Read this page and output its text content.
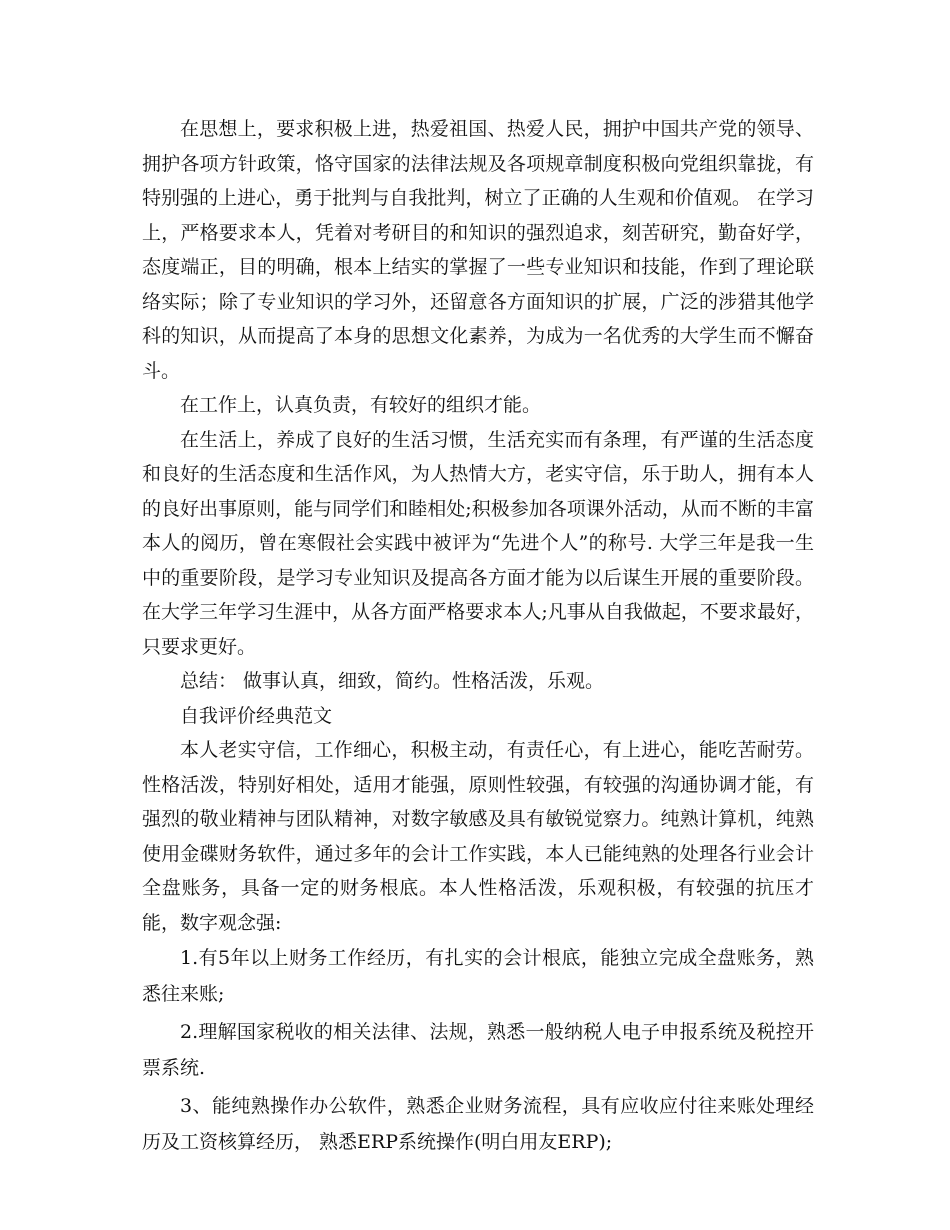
在思想上，要求积极上进，热爱祖国、热爱人民，拥护中国共产党的领导、拥护各项方针政策，恪守国家的法律法规及各项规章制度积极向党组织靠拢，有特别强的上进心，勇于批判与自我批判，树立了正确的人生观和价值观。 在学习上，严格要求本人，凭着对考研目的和知识的强烈追求，刻苦研究，勤奋好学，态度端正，目的明确，根本上结实的掌握了一些专业知识和技能，作到了理论联络实际；除了专业知识的学习外，还留意各方面知识的扩展，广泛的涉猎其他学科的知识，从而提高了本身的思想文化素养，为成为一名优秀的大学生而不懈奋斗。

在工作上，认真负责，有较好的组织才能。

在生活上，养成了良好的生活习惯，生活充实而有条理，有严谨的生活态度和良好的生活态度和生活作风，为人热情大方，老实守信，乐于助人，拥有本人的良好出事原则，能与同学们和睦相处;积极参加各项课外活动，从而不断的丰富本人的阅历，曾在寒假社会实践中被评为“先进个人”的称号. 大学三年是我一生中的重要阶段，是学习专业知识及提高各方面才能为以后谋生开展的重要阶段。在大学三年学习生涯中，从各方面严格要求本人;凡事从自我做起，不要求最好，只要求更好。

总结： 做事认真，细致，简约。性格活泼，乐观。

自我评价经典范文

本人老实守信，工作细心，积极主动，有责任心，有上进心，能吃苦耐劳。性格活泼，特别好相处，适用才能强，原则性较强，有较强的沟通协调才能，有强烈的敬业精神与团队精神，对数字敏感及具有敏锐觉察力。纯熟计算机，纯熟使用金碟财务软件，通过多年的会计工作实践，本人已能纯熟的处理各行业会计全盘账务，具备一定的财务根底。本人性格活泼，乐观积极，有较强的抗压才能，数字观念强:

1.有5年以上财务工作经历，有扎实的会计根底，能独立完成全盘账务，熟悉往来账;

2.理解国家税收的相关法律、法规，熟悉一般纳税人电子申报系统及税控开票系统.

3、能纯熟操作办公软件，熟悉企业财务流程，具有应收应付往来账处理经历及工资核算经历， 熟悉ERP系统操作(明白用友ERP);
